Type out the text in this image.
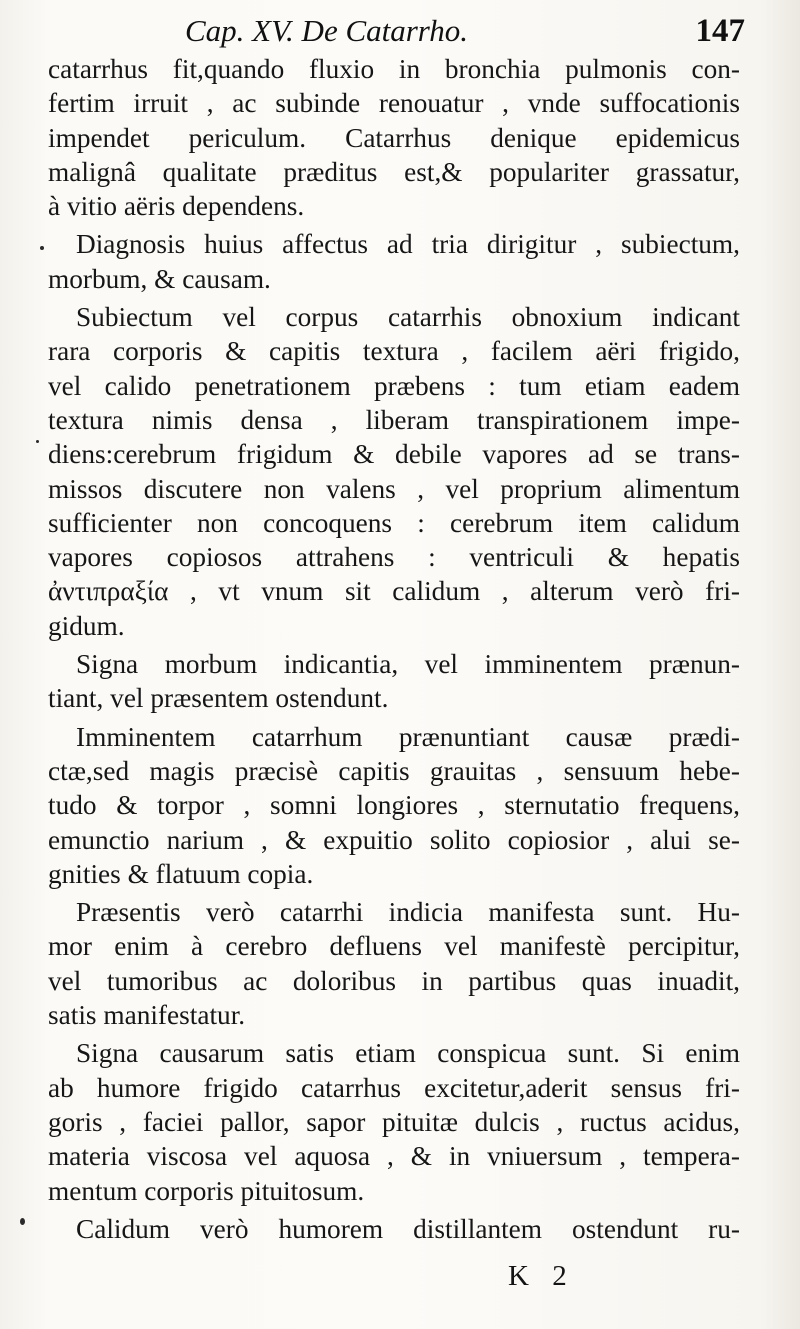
Cap. XV. De Catarrho.	147
catarrhus fit,quando fluxio in bronchia pulmonis con-
fertim irruit , ac subinde renouatur , vnde suffocationis
impendet periculum. Catarrhus denique epidemicus
malignâ qualitate præditus est,& populariter grassatur,
à vitio aëris dependens.
Diagnosis huius affectus ad tria dirigitur , subiectum,
morbum, & causam.
Subiectum vel corpus catarrhis obnoxium indicant
rara corporis & capitis textura , facilem aëri frigido,
vel calido penetrationem præbens : tum etiam eadem
textura nimis densa , liberam transpirationem impe-
diens:cerebrum frigidum & debile vapores ad se trans-
missos discutere non valens , vel proprium alimentum
sufficienter non concoquens : cerebrum item calidum
vapores copiosos attrahens : ventriculi & hepatis
ἀντιπραξία , vt vnum sit calidum , alterum verò fri-
gidum.
Signa morbum indicantia, vel imminentem prænun-
tiant, vel præsentem ostendunt.
Imminentem catarrhum prænuntiant causæ prædi-
ctæ,sed magis præcisè capitis grauitas , sensuum hebe-
tudo & torpor , somni longiores , sternutatio frequens,
emunctio narium , & expuitio solito copiosior , alui se-
gnities & flatuum copia.
Præsentis verò catarrhi indicia manifesta sunt. Hu-
mor enim à cerebro defluens vel manifestè percipitur,
vel tumoribus ac doloribus in partibus quas inuadit,
satis manifestatur.
Signa causarum satis etiam conspicua sunt. Si enim
ab humore frigido catarrhus excitetur,aderit sensus fri-
goris , faciei pallor, sapor pituitæ dulcis , ructus acidus,
materia viscosa vel aquosa , & in vniuersum , tempera-
mentum corporis pituitosum.
Calidum verò humorem distillantem ostendunt ru-
K 2
